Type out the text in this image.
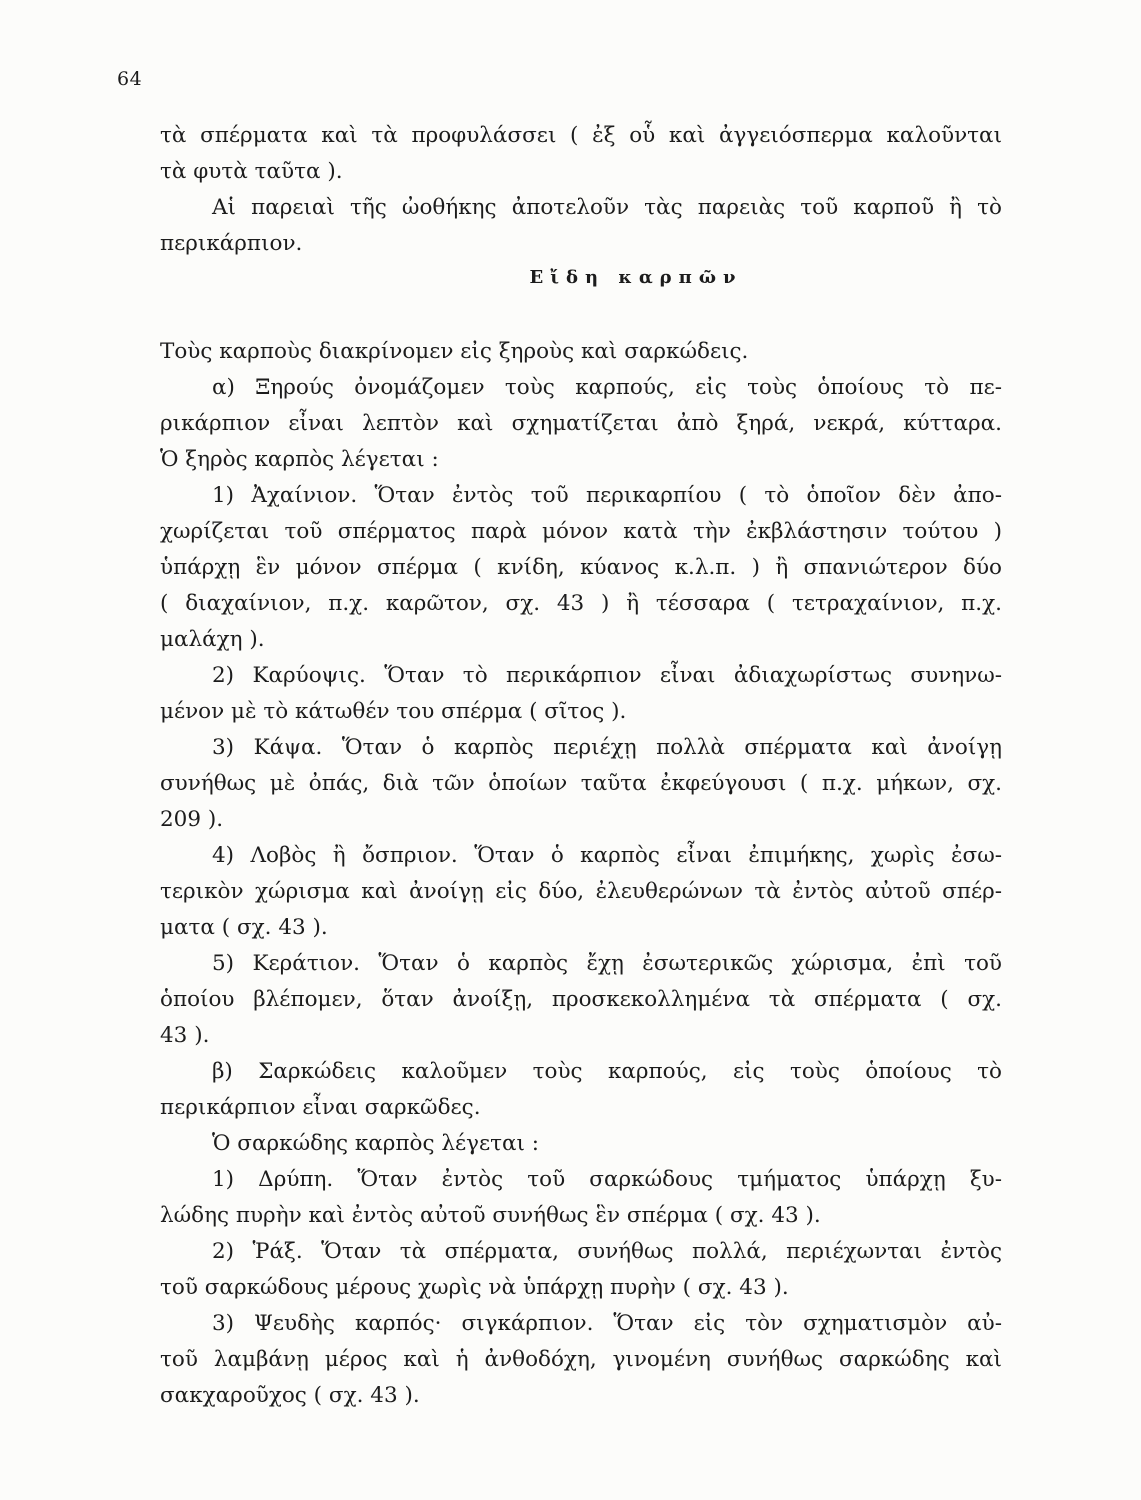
64
τὰ σπέρματα καὶ τὰ προφυλάσσει ( ἐξ οὗ καὶ ἀγγειόσπερμα καλοῦνται
τὰ φυτὰ ταῦτα ).
Αἱ παρειαὶ τῆς ὠοθήκης ἀποτελοῦν τὰς παρειὰς τοῦ καρποῦ ἢ τὸ
περικάρπιον.
Εἴδη καρπῶν
Τοὺς καρποὺς διακρίνομεν εἰς ξηροὺς καὶ σαρκώδεις.
α) Ξηρούς ὀνομάζομεν τοὺς καρπούς, εἰς τοὺς ὁποίους τὸ πε-
ρικάρπιον εἶναι λεπτὸν καὶ σχηματίζεται ἀπὸ ξηρά, νεκρά, κύτταρα.
Ὁ ξηρὸς καρπὸς λέγεται :
1) Ἀχαίνιον. Ὅταν ἐντὸς τοῦ περικαρπίου ( τὸ ὁποῖον δὲν ἀπο-
χωρίζεται τοῦ σπέρματος παρὰ μόνον κατὰ τὴν ἐκβλάστησιν τούτου )
ὑπάρχῃ ἓν μόνον σπέρμα ( κνίδη, κύανος κ.λ.π. ) ἢ σπανιώτερον δύο
( διαχαίνιον, π.χ. καρῶτον, σχ. 43 ) ἢ τέσσαρα ( τετραχαίνιον, π.χ.
μαλάχη ).
2) Καρύοψις. Ὅταν τὸ περικάρπιον εἶναι ἀδιαχωρίστως συνηνω-
μένον μὲ τὸ κάτωθέν του σπέρμα ( σῖτος ).
3) Κάψα. Ὅταν ὁ καρπὸς περιέχῃ πολλὰ σπέρματα καὶ ἀνοίγῃ
συνήθως μὲ ὀπάς, διὰ τῶν ὁποίων ταῦτα ἐκφεύγουσι ( π.χ. μήκων, σχ.
209 ).
4) Λοβὸς ἢ ὄσπριον. Ὅταν ὁ καρπὸς εἶναι ἐπιμήκης, χωρὶς ἐσω-
τερικὸν χώρισμα καὶ ἀνοίγῃ εἰς δύο, ἐλευθερώνων τὰ ἐντὸς αὐτοῦ σπέρ-
ματα ( σχ. 43 ).
5) Κεράτιον. Ὅταν ὁ καρπὸς ἔχῃ ἐσωτερικῶς χώρισμα, ἐπὶ τοῦ
ὁποίου βλέπομεν, ὅταν ἀνοίξῃ, προσκεκολλημένα τὰ σπέρματα ( σχ.
43 ).
β) Σαρκώδεις καλοῦμεν τοὺς καρπούς, εἰς τοὺς ὁποίους τὸ
περικάρπιον εἶναι σαρκῶδες.
Ὁ σαρκώδης καρπὸς λέγεται :
1) Δρύπη. Ὅταν ἐντὸς τοῦ σαρκώδους τμήματος ὑπάρχῃ ξυ-
λώδης πυρὴν καὶ ἐντὸς αὐτοῦ συνήθως ἓν σπέρμα ( σχ. 43 ).
2) Ῥάξ. Ὅταν τὰ σπέρματα, συνήθως πολλά, περιέχωνται ἐντὸς
τοῦ σαρκώδους μέρους χωρὶς νὰ ὑπάρχῃ πυρὴν ( σχ. 43 ).
3) Ψευδὴς καρπός· σιγκάρπιον. Ὅταν εἰς τὸν σχηματισμὸν αὐ-
τοῦ λαμβάνῃ μέρος καὶ ἡ ἀνθοδόχη, γινομένη συνήθως σαρκώδης καὶ
σακχαροῦχος ( σχ. 43 ).
